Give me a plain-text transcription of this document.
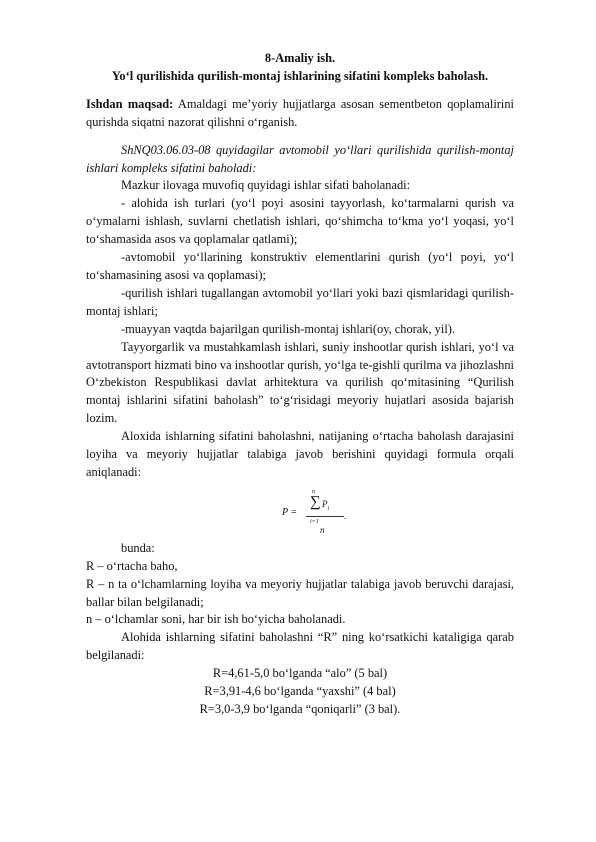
8-Amaliy ish.

Yo‘l qurilishida qurilish-montaj ishlarining sifatini kompleks baholash.

Ishdan maqsad: Amaldagi me’yoriy hujjatlarga asosan sementbeton qoplamalirini qurishda siqatni nazorat qilishni o‘rganish.

ShNQ03.06.03-08 quyidagilar avtomobil yo‘llari qurilishida qurilish-montaj ishlari kompleks sifatini baholadi:

Mazkur ilovaga muvofiq quyidagi ishlar sifati baholanadi:

- alohida ish turlari (yo‘l poyi asosini tayyorlash, ko‘tarmalarni qurish va o‘ymalarni ishlash, suvlarni chetlatish ishlari, qo‘shimcha to‘kma yo‘l yoqasi, yo‘l to‘shamasida asos va qoplamalar qatlami);

-avtomobil yo‘llarining konstruktiv elementlarini qurish (yo‘l poyi, yo‘l to‘shamasining asosi va qoplamasi);

-qurilish ishlari tugallangan avtomobil yo‘llari yoki bazi qismlaridagi qurilish-montaj ishlari;

-muayyan vaqtda bajarilgan qurilish-montaj ishlari(oy, chorak, yil).

Tayyorgarlik va mustahkamlash ishlari, suniy inshootlar qurish ishlari, yo‘l va avtotransport hizmati bino va inshootlar qurish, yo‘lga te-gishli qurilma va jihozlashni O‘zbekiston Respublikasi davlat arhitektura va qurilish qo‘mitasining “Qurilish montaj ishlarini sifatini baholash” to‘g‘risidagi meyoriy hujatlari asosida bajarish lozim.

Aloxida ishlarning sifatini baholashni, natijaning o‘rtacha baholash darajasini loyiha va meyoriy hujjatlar talabiga javob berishini quyidagi formula orqali aniqlanadi:

n
∑ $P_i$
i=1
P =	.
n

bunda:

R – o‘rtacha baho,

R – n ta o‘lchamlarning loyiha va meyoriy hujjatlar talabiga javob beruvchi darajasi, ballar bilan belgilanadi;

n – o‘lchamlar soni, har bir ish bo‘yicha baholanadi.

Alohida ishlarning sifatini baholashni “R” ning ko‘rsatkichi kataligiga qarab belgilanadi:

R=4,61-5,0 bo‘lganda “alo” (5 bal)

R=3,91-4,6 bo‘lganda “yaxshi” (4 bal)

R=3,0-3,9 bo‘lganda “qoniqarli” (3 bal).
